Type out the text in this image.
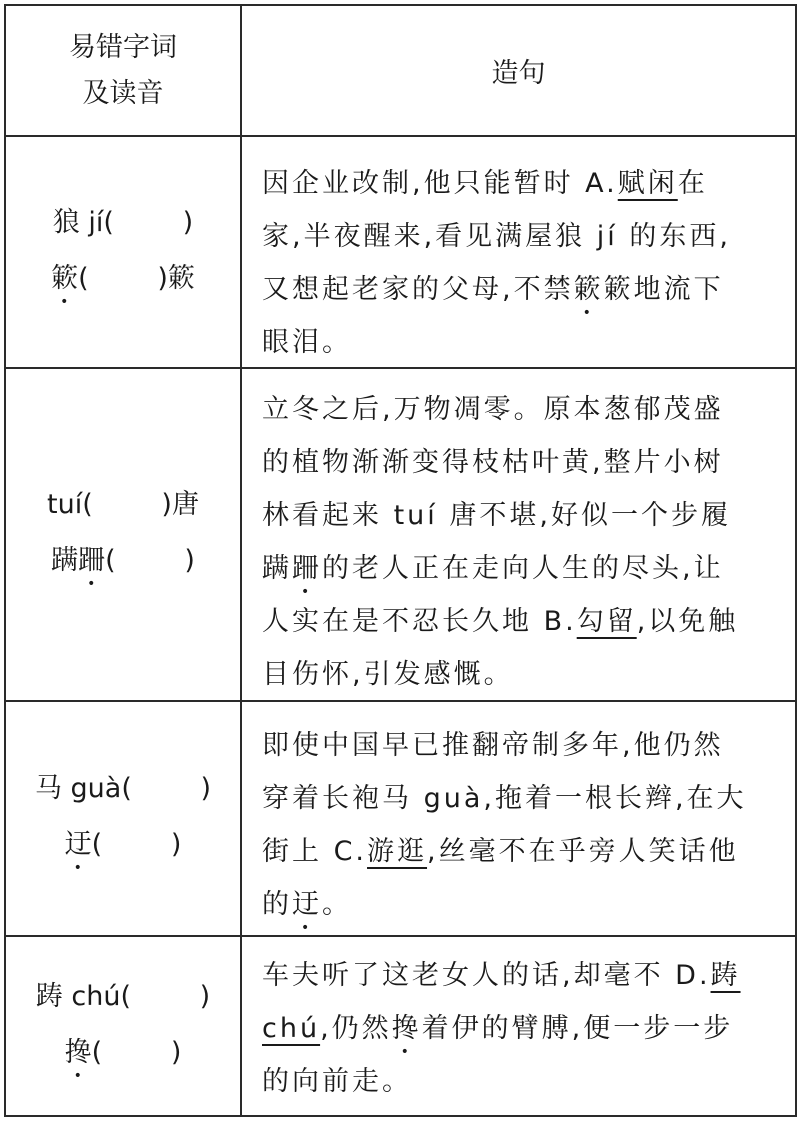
易错字词
及读音
造句
狼 jí(        )
簌(        )簌
因企业改制,他只能暂时 A.赋闲在
家,半夜醒来,看见满屋狼 jí 的东西,
又想起老家的父母,不禁簌簌地流下
眼泪。
tuí(        )唐
蹒跚(        )
立冬之后,万物凋零。原本葱郁茂盛
的植物渐渐变得枝枯叶黄,整片小树
林看起来 tuí 唐不堪,好似一个步履
蹒跚的老人正在走向人生的尽头,让
人实在是不忍长久地 B.勾留,以免触
目伤怀,引发感慨。
马 guà(        )
迂(        )
即使中国早已推翻帝制多年,他仍然
穿着长袍马 guà,拖着一根长辫,在大
街上 C.游逛,丝毫不在乎旁人笑话他
的迂。
踌 chú(        )
搀(        )
车夫听了这老女人的话,却毫不 D.踌
chú,仍然搀着伊的臂膊,便一步一步
的向前走。
